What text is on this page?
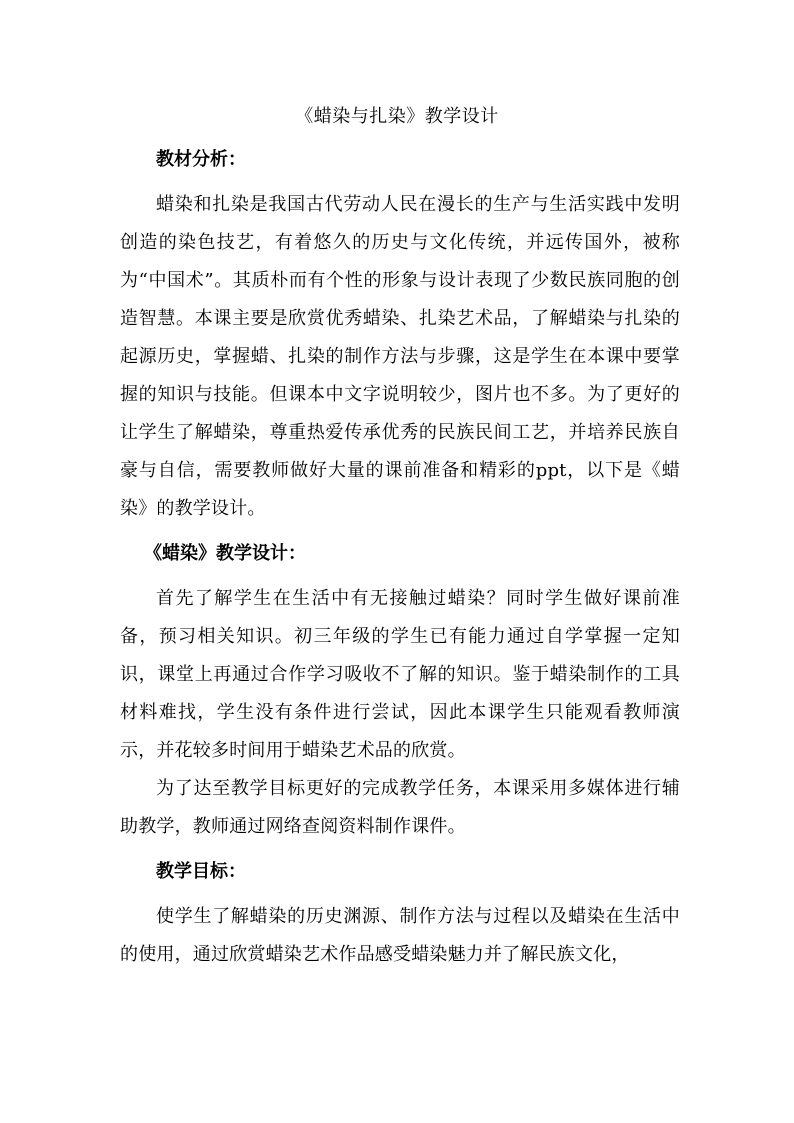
《蜡染与扎染》教学设计
教材分析：

蜡染和扎染是我国古代劳动人民在漫长的生产与生活实践中发明创造的染色技艺，有着悠久的历史与文化传统，并远传国外，被称为“中国术”。其质朴而有个性的形象与设计表现了少数民族同胞的创造智慧。本课主要是欣赏优秀蜡染、扎染艺术品，了解蜡染与扎染的起源历史，掌握蜡、扎染的制作方法与步骤，这是学生在本课中要掌握的知识与技能。但课本中文字说明较少，图片也不多。为了更好的让学生了解蜡染，尊重热爱传承优秀的民族民间工艺，并培养民族自豪与自信，需要教师做好大量的课前准备和精彩的ppt，以下是《蜡染》的教学设计。

《蜡染》教学设计：

首先了解学生在生活中有无接触过蜡染？同时学生做好课前准备，预习相关知识。初三年级的学生已有能力通过自学掌握一定知识，课堂上再通过合作学习吸收不了解的知识。鉴于蜡染制作的工具材料难找，学生没有条件进行尝试，因此本课学生只能观看教师演示，并花较多时间用于蜡染艺术品的欣赏。

为了达至教学目标更好的完成教学任务，本课采用多媒体进行辅助教学，教师通过网络查阅资料制作课件。

教学目标：

使学生了解蜡染的历史渊源、制作方法与过程以及蜡染在生活中的使用，通过欣赏蜡染艺术作品感受蜡染魅力并了解民族文化，
